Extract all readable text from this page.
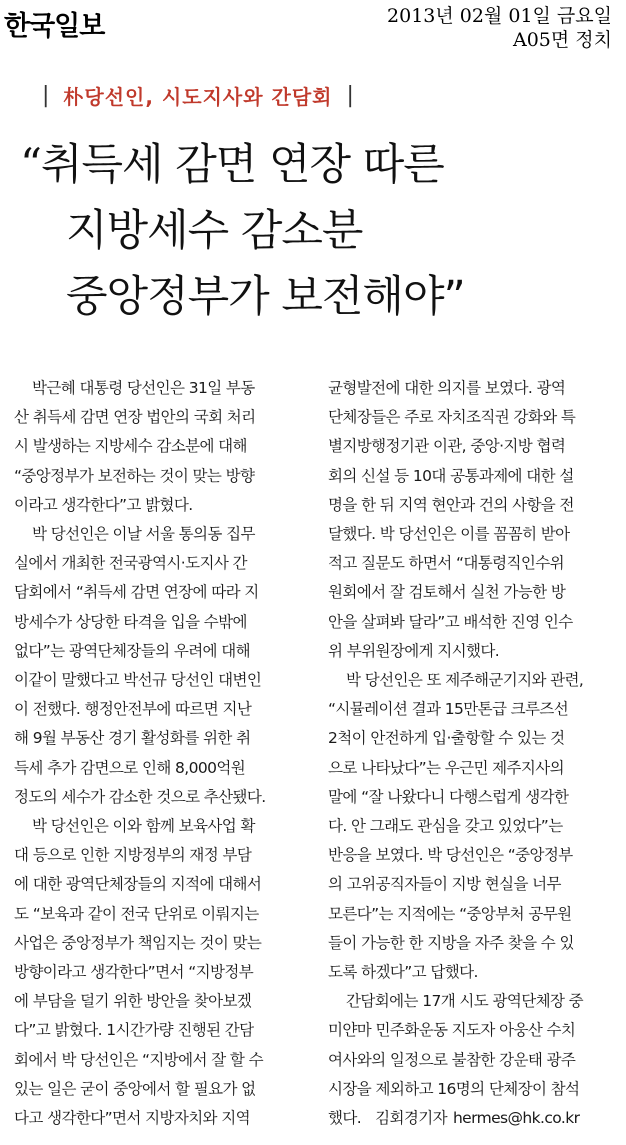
한국일보	2013년 02월 01일 금요일
A05면 정치
| 朴당선인, 시도지사와 간담회 |
“취득세 감면 연장 따른
지방세수 감소분
중앙정부가 보전해야”
박근혜 대통령 당선인은 31일 부동
산 취득세 감면 연장 법안의 국회 처리
시 발생하는 지방세수 감소분에 대해
“중앙정부가 보전하는 것이 맞는 방향
이라고 생각한다”고 밝혔다.
박 당선인은 이날 서울 통의동 집무
실에서 개최한 전국광역시·도지사 간
담회에서 “취득세 감면 연장에 따라 지
방세수가 상당한 타격을 입을 수밖에
없다”는 광역단체장들의 우려에 대해
이같이 말했다고 박선규 당선인 대변인
이 전했다. 행정안전부에 따르면 지난
해 9월 부동산 경기 활성화를 위한 취
득세 추가 감면으로 인해 8,000억원
정도의 세수가 감소한 것으로 추산됐다.
박 당선인은 이와 함께 보육사업 확
대 등으로 인한 지방정부의 재정 부담
에 대한 광역단체장들의 지적에 대해서
도 “보육과 같이 전국 단위로 이뤄지는
사업은 중앙정부가 책임지는 것이 맞는
방향이라고 생각한다”면서 “지방정부
에 부담을 덜기 위한 방안을 찾아보겠
다”고 밝혔다. 1시간가량 진행된 간담
회에서 박 당선인은 “지방에서 잘 할 수
있는 일은 굳이 중앙에서 할 필요가 없
다고 생각한다”면서 지방자치와 지역
균형발전에 대한 의지를 보였다. 광역
단체장들은 주로 자치조직권 강화와 특
별지방행정기관 이관, 중앙·지방 협력
회의 신설 등 10대 공통과제에 대한 설
명을 한 뒤 지역 현안과 건의 사항을 전
달했다. 박 당선인은 이를 꼼꼼히 받아
적고 질문도 하면서 “대통령직인수위
원회에서 잘 검토해서 실천 가능한 방
안을 살펴봐 달라”고 배석한 진영 인수
위 부위원장에게 지시했다.
박 당선인은 또 제주해군기지와 관련,
“시뮬레이션 결과 15만톤급 크루즈선
2척이 안전하게 입·출항할 수 있는 것
으로 나타났다”는 우근민 제주지사의
말에 “잘 나왔다니 다행스럽게 생각한
다. 안 그래도 관심을 갖고 있었다”는
반응을 보였다. 박 당선인은 “중앙정부
의 고위공직자들이 지방 현실을 너무
모른다”는 지적에는 “중앙부처 공무원
들이 가능한 한 지방을 자주 찾을 수 있
도록 하겠다”고 답했다.
간담회에는 17개 시도 광역단체장 중
미얀마 민주화운동 지도자 아웅산 수치
여사와의 일정으로 불참한 강운태 광주
시장을 제외하고 16명의 단체장이 참석
했다. 김회경기자 hermes@hk.co.kr
